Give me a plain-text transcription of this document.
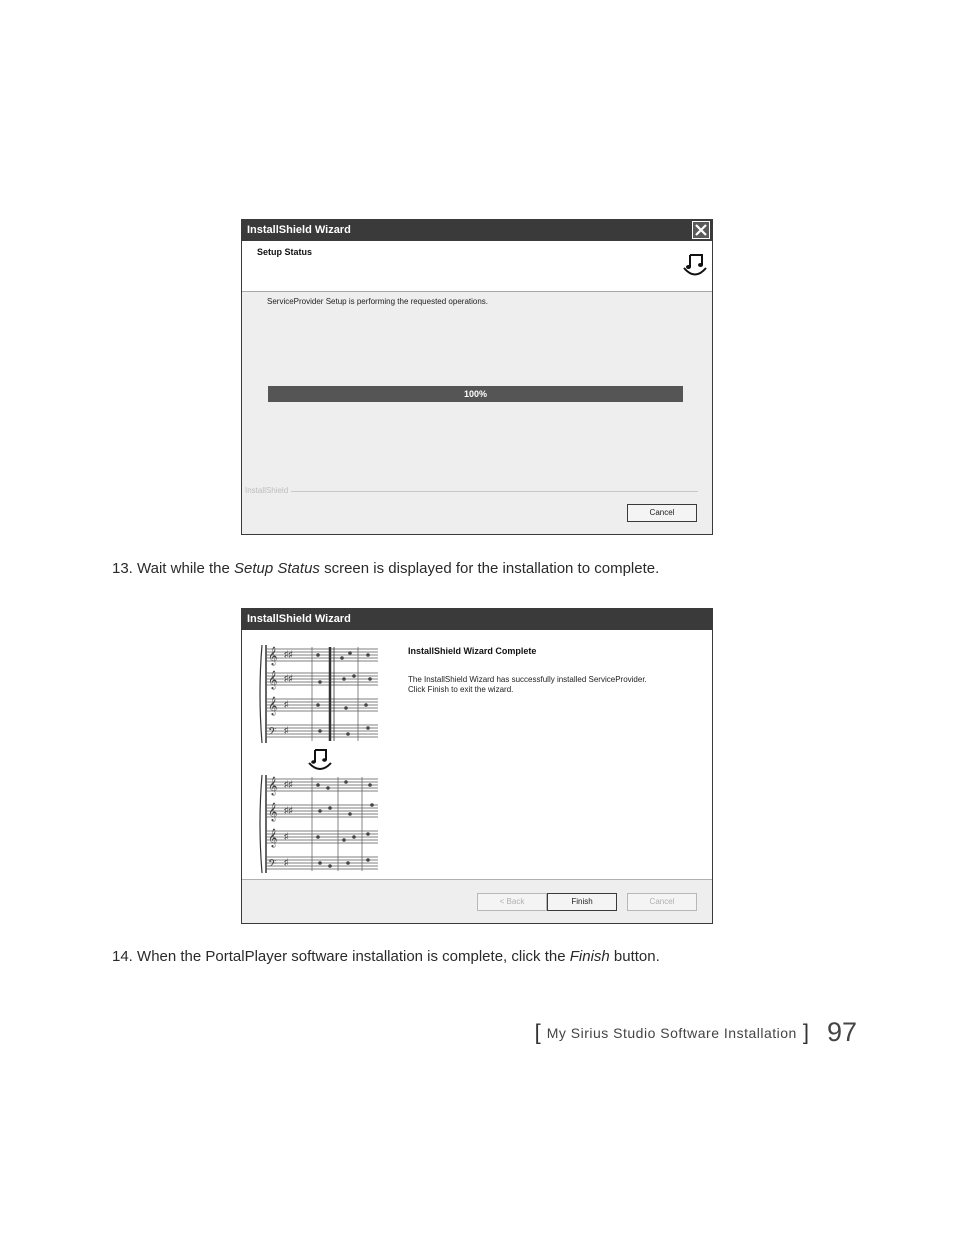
InstallShield Wizard
Setup Status
ServiceProvider Setup is performing the requested operations.
100%
InstallShield
Cancel
13. Wait while the Setup Status screen is displayed for the installation to complete.
InstallShield Wizard
𝄞
𝄞
𝄞
𝄢
♯♯
♯♯
♯
♯
𝄞
𝄞
𝄞
𝄢
♯♯
♯♯
♯
♯
InstallShield Wizard Complete
The InstallShield Wizard has successfully installed ServiceProvider. Click Finish to exit the wizard.
< Back	Finish	Cancel
14. When the PortalPlayer software installation is complete, click the Finish button.
[ My Sirius Studio Software Installation ] 97
